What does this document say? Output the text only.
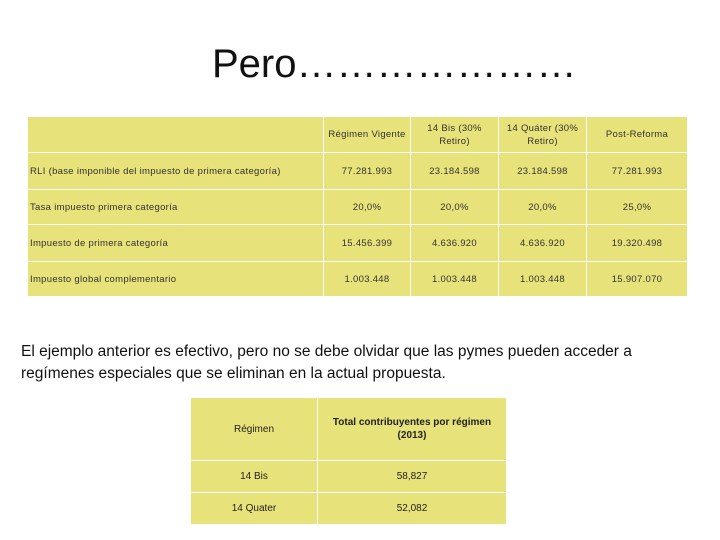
Pero…………………
	Régimen Vigente	14 Bis (30% Retiro)	14 Quáter (30% Retiro)	Post-Reforma
RLI (base imponible del impuesto de primera categoría)	77.281.993	23.184.598	23.184.598	77.281.993
Tasa impuesto primera categoría	20,0%	20,0%	20,0%	25,0%
Impuesto de primera categoría	15.456.399	4.636.920	4.636.920	19.320.498
Impuesto global complementario	1.003.448	1.003.448	1.003.448	15.907.070
El ejemplo anterior es efectivo, pero no se debe olvidar que las pymes pueden acceder a regímenes especiales que se eliminan en la actual propuesta.
Régimen	Total contribuyentes por régimen (2013)
14 Bis	58,827
14 Quater	52,082
